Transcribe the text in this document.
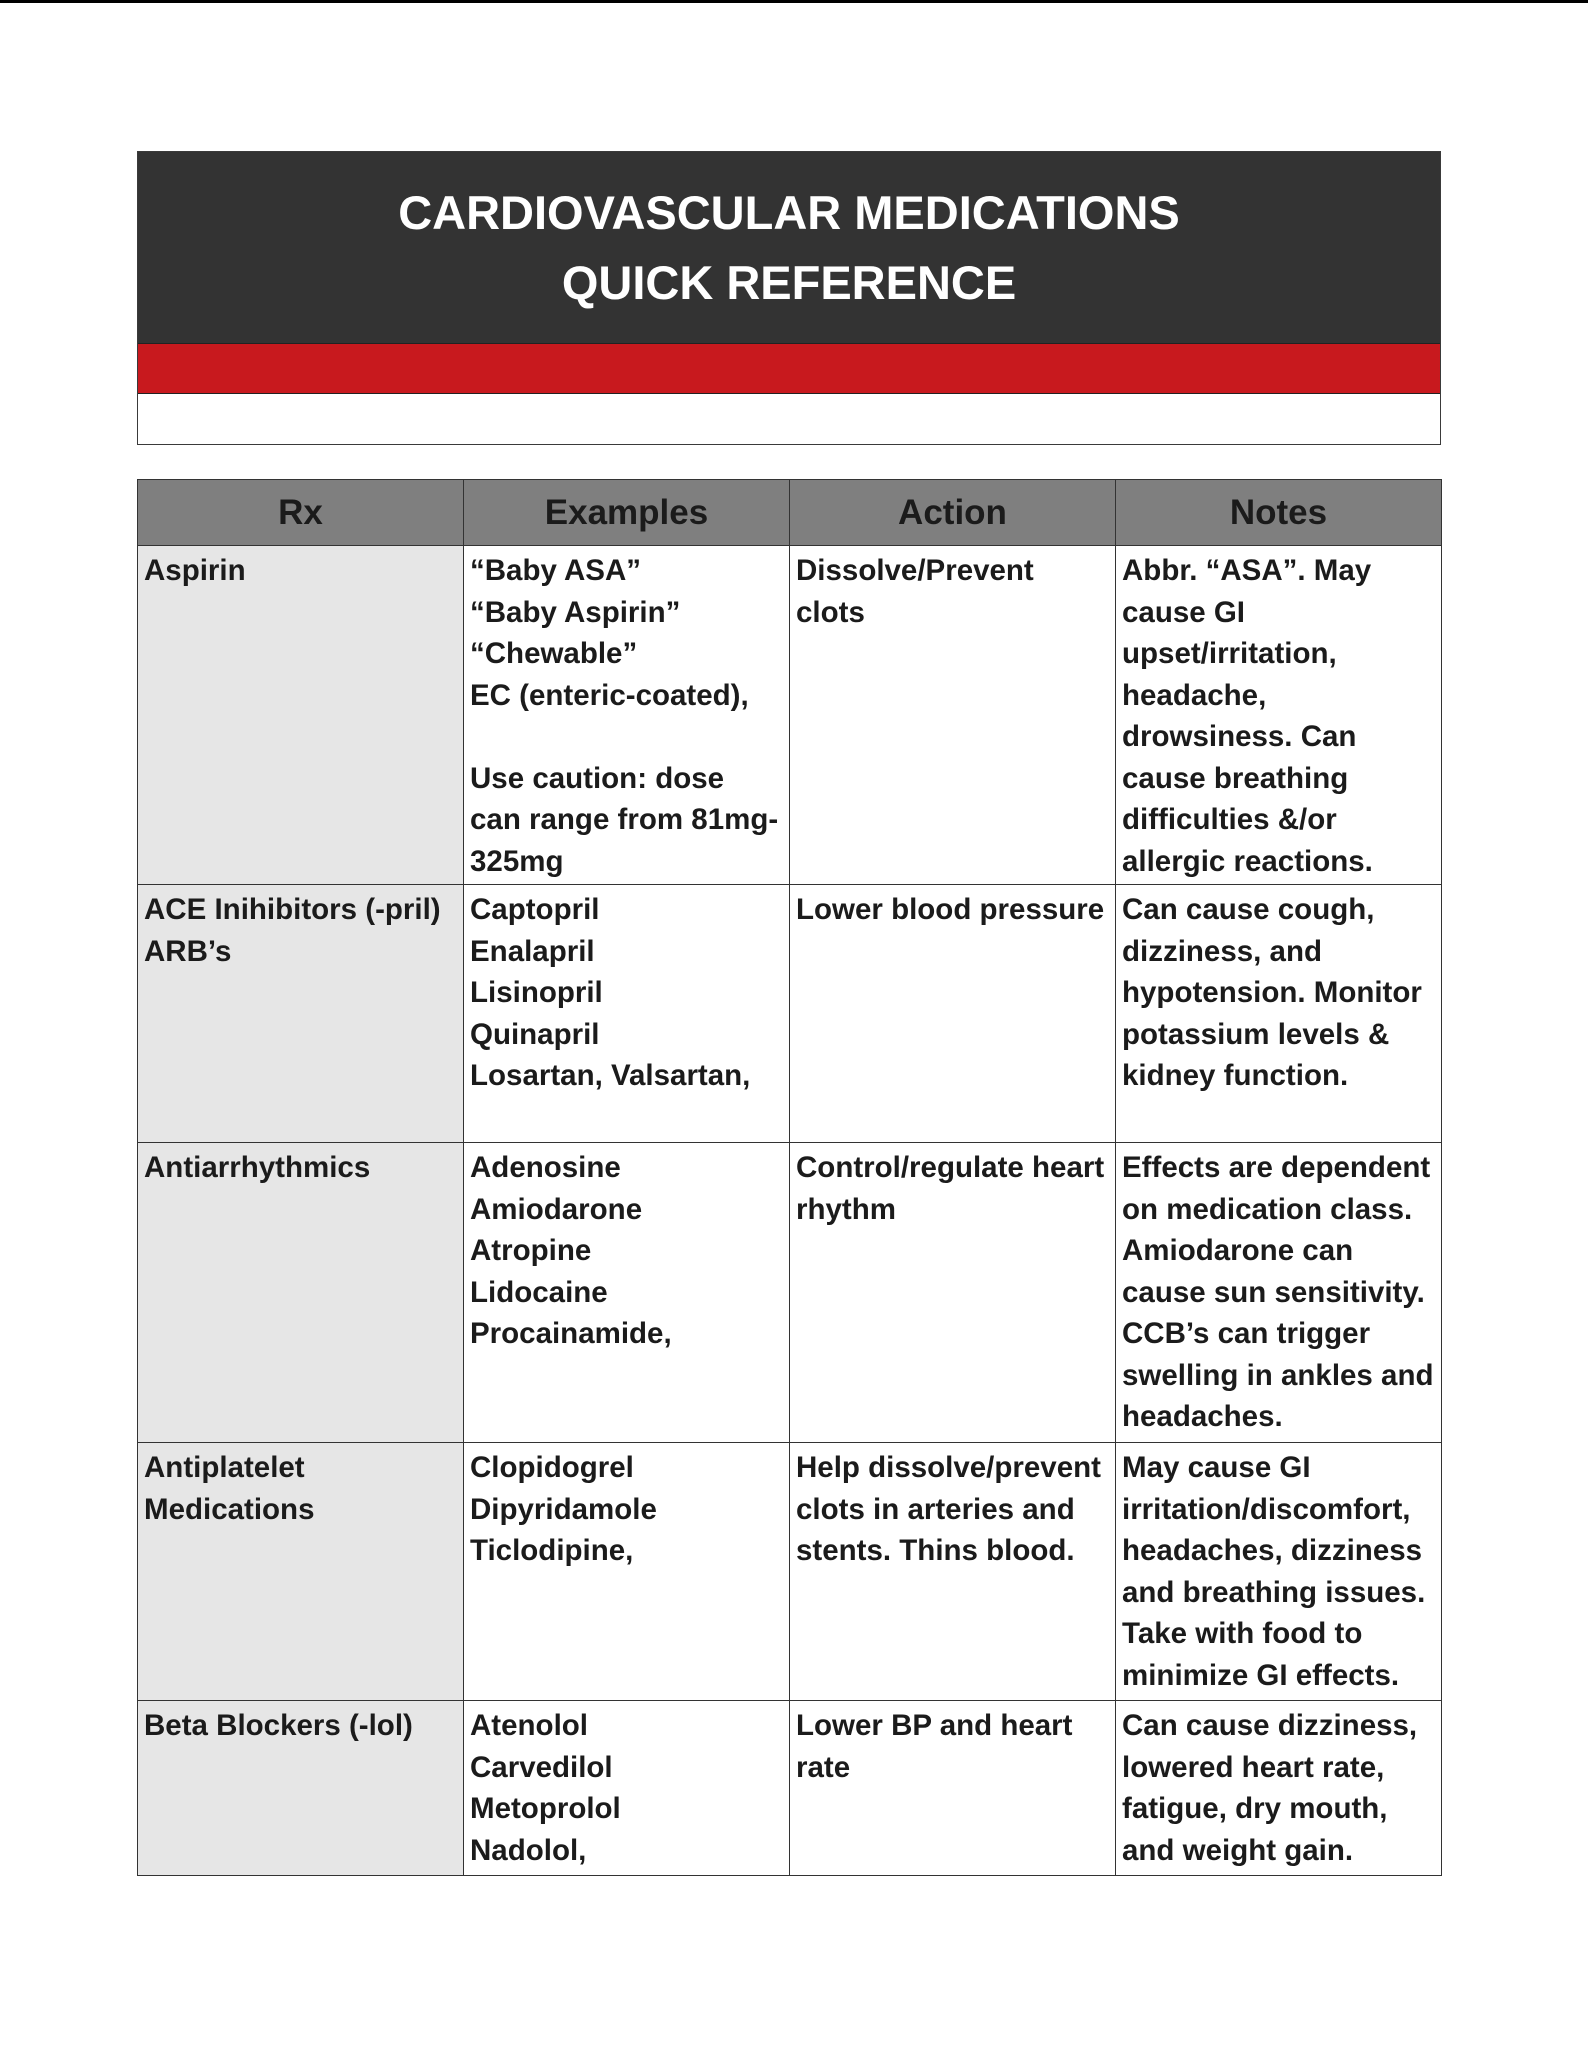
CARDIOVASCULAR MEDICATIONS
QUICK REFERENCE
Rx	Examples	Action	Notes
Aspirin	“Baby ASA”
“Baby Aspirin”
“Chewable”
EC (enteric-coated),

Use caution: dose can range from 81mg-325mg	Dissolve/Prevent clots	Abbr. “ASA”. May cause GI upset/irritation, headache, drowsiness. Can cause breathing difficulties &/or allergic reactions.
ACE Inihibitors (-pril)
ARB’s	Captopril
Enalapril
Lisinopril
Quinapril
Losartan, Valsartan,	Lower blood pressure	Can cause cough, dizziness, and hypotension. Monitor potassium levels & kidney function.
Antiarrhythmics	Adenosine
Amiodarone
Atropine
Lidocaine
Procainamide,	Control/regulate heart rhythm	Effects are dependent on medication class. Amiodarone can cause sun sensitivity. CCB’s can trigger swelling in ankles and headaches.
Antiplatelet Medications	Clopidogrel
Dipyridamole
Ticlodipine,	Help dissolve/prevent clots in arteries and stents. Thins blood.	May cause GI irritation/discomfort, headaches, dizziness and breathing issues. Take with food to minimize GI effects.
Beta Blockers (-lol)	Atenolol
Carvedilol
Metoprolol
Nadolol,	Lower BP and heart rate	Can cause dizziness, lowered heart rate, fatigue, dry mouth, and weight gain.
